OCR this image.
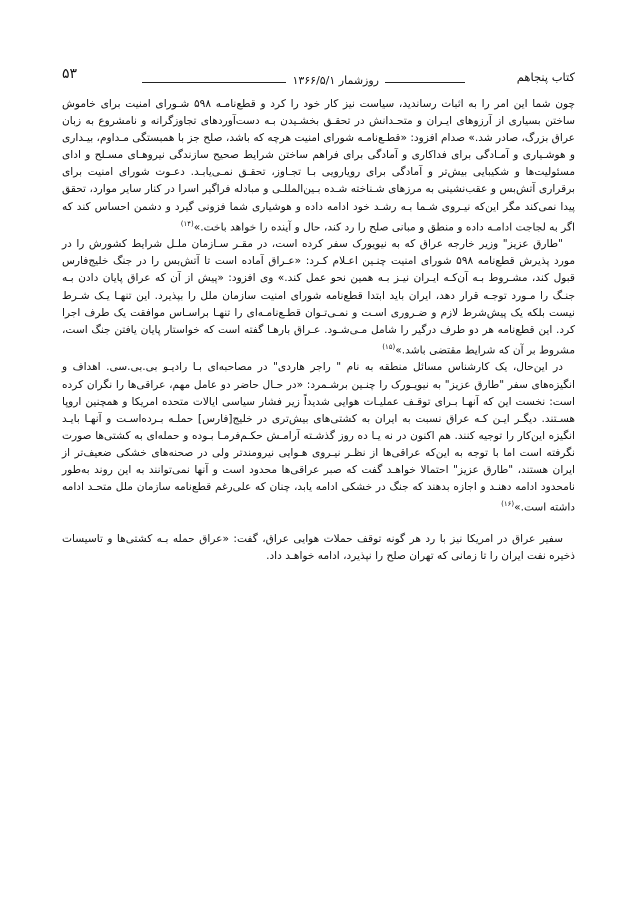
کتاب پنجاهم
روزشمار ۱۳۶۶/۵/۱
۵۳

چون شما این امر را به اثبات رساندید، سیاست نیز کار خود را کرد و قطع‌نامـه ۵۹۸ شـورای امنیت برای خاموش ساختن بسیاری از آرزوهای ایـران و متحـدانش در تحقـق بخشـیدن بـه دست‌آوردهای تجاوزگرانه و نامشروع به زبان عراق بزرگ، صادر شد.» صدام افزود: «قطـع‌نامـه شورای امنیت هرچه که باشد، صلح جز با همبستگی مـداوم، بیـداری و هوشـیاری و آمـادگی برای فداکاری و آمادگی برای فراهم ساختن شرایط صحیح سازندگی نیروهـای مسـلح و ادای مسئولیت‌ها و شکیبایی بیش‌تر و آمادگی برای رویارویی بـا تجـاوز، تحقـق نمـی‌یابـد. دعـوت شورای امنیت برای برقراری آتش‌بس و عقب‌نشینی به مرزهای شـناخته شـده بـین‌المللـی و مبادله فراگیر اسرا در کنار سایر موارد، تحقق پیدا نمی‌کند مگر این‌که نیـروی شـما بـه رشـد خود ادامه داده و هوشیاری شما فزونی گیرد و دشمن احساس کند که اگر به لجاجت ادامـه داده و منطق و مبانی صلح را رد کند، حال و آینده را خواهد باخت.»$^{(۱۴)}$

"طارق عزیز" وزیر خارجه عراق که به نیویورک سفر کرده است، در مقـر سـازمان ملـل شرایط کشورش را در مورد پذیرش قطع‌نامه ۵۹۸ شورای امنیت چنـین اعـلام کـرد: «عـراق آماده است تا آتش‌بس را در جنگ خلیج‌فارس قبول کند، مشـروط بـه آن‌کـه ایـران نیـز بـه همین نحو عمل کند.» وی افزود: «پیش از آن که عراق پایان دادن بـه جنـگ را مـورد توجـه قرار دهد، ایران باید ابتدا قطع‌نامه شورای امنیت سازمان ملل را بپذیرد. این تنهـا یـک شـرط نیست بلکه یک پیش‌شرط لازم و ضـروری اسـت و نمـی‌تـوان قطـع‌نامـه‌ای را تنهـا براسـاس موافقت یک طرف اجرا کرد. این قطع‌نامه هر دو طرف درگیر را شامل مـی‌شـود. عـراق بارهـا گفته است که خواستار پایان یافتن جنگ است، مشروط بر آن که شرایط مقتضی باشد.»$^{(۱۵)}$

در این‌حال، یک کارشناس مسائل منطقه به نام " راجر هاردی" در مصاحبه‌ای بـا رادیـو بی.بی.سی. اهداف و انگیزه‌های سفر "طارق عزیز" به نیویـورک را چنـین برشـمرد: «در حـال حاضر دو عامل مهم، عراقی‌ها را نگران کرده است: نخست این که آنهـا بـرای توقـف عملیـات هوایی شدیداً زیر فشار سیاسی ایالات متحده امریکا و همچنین اروپا هسـتند. دیگـر ایـن کـه عراق نسبت به ایران به کشتی‌های بیش‌تری در خلیج[فارس] حملـه بـرده‌اسـت و آنهـا بایـد انگیزه این‌کار را توجیه کنند. هم اکنون در نه یـا ده روز گذشـته آرامـش حکـم‌فرمـا بـوده و حمله‌ای به کشتی‌ها صورت نگرفته است اما با توجه به این‌که عراقی‌ها از نظـر نیـروی هـوایی نیرومندتر ولی در صحنه‌های خشکی ضعیف‌تر از ایران هستند، "طارق عزیز" احتمالا خواهـد گفت که صبر عراقی‌ها محدود است و آنها نمی‌توانند به این روند به‌طور نامحدود ادامه دهنـد و اجازه بدهند که جنگ در خشکی ادامه یابد، چنان که علی‌رغم قطع‌نامه سازمان ملل متحـد ادامه داشته است.»$^{(۱۶)}$

سفیر عراق در امریکا نیز با رد هر گونه توقف حملات هوایی عراق، گفت: «عراق حمله بـه کشتی‌ها و تاسیسات ذخیره نفت ایران را تا زمانی که تهران صلح را نپذیرد، ادامه خواهـد داد.
